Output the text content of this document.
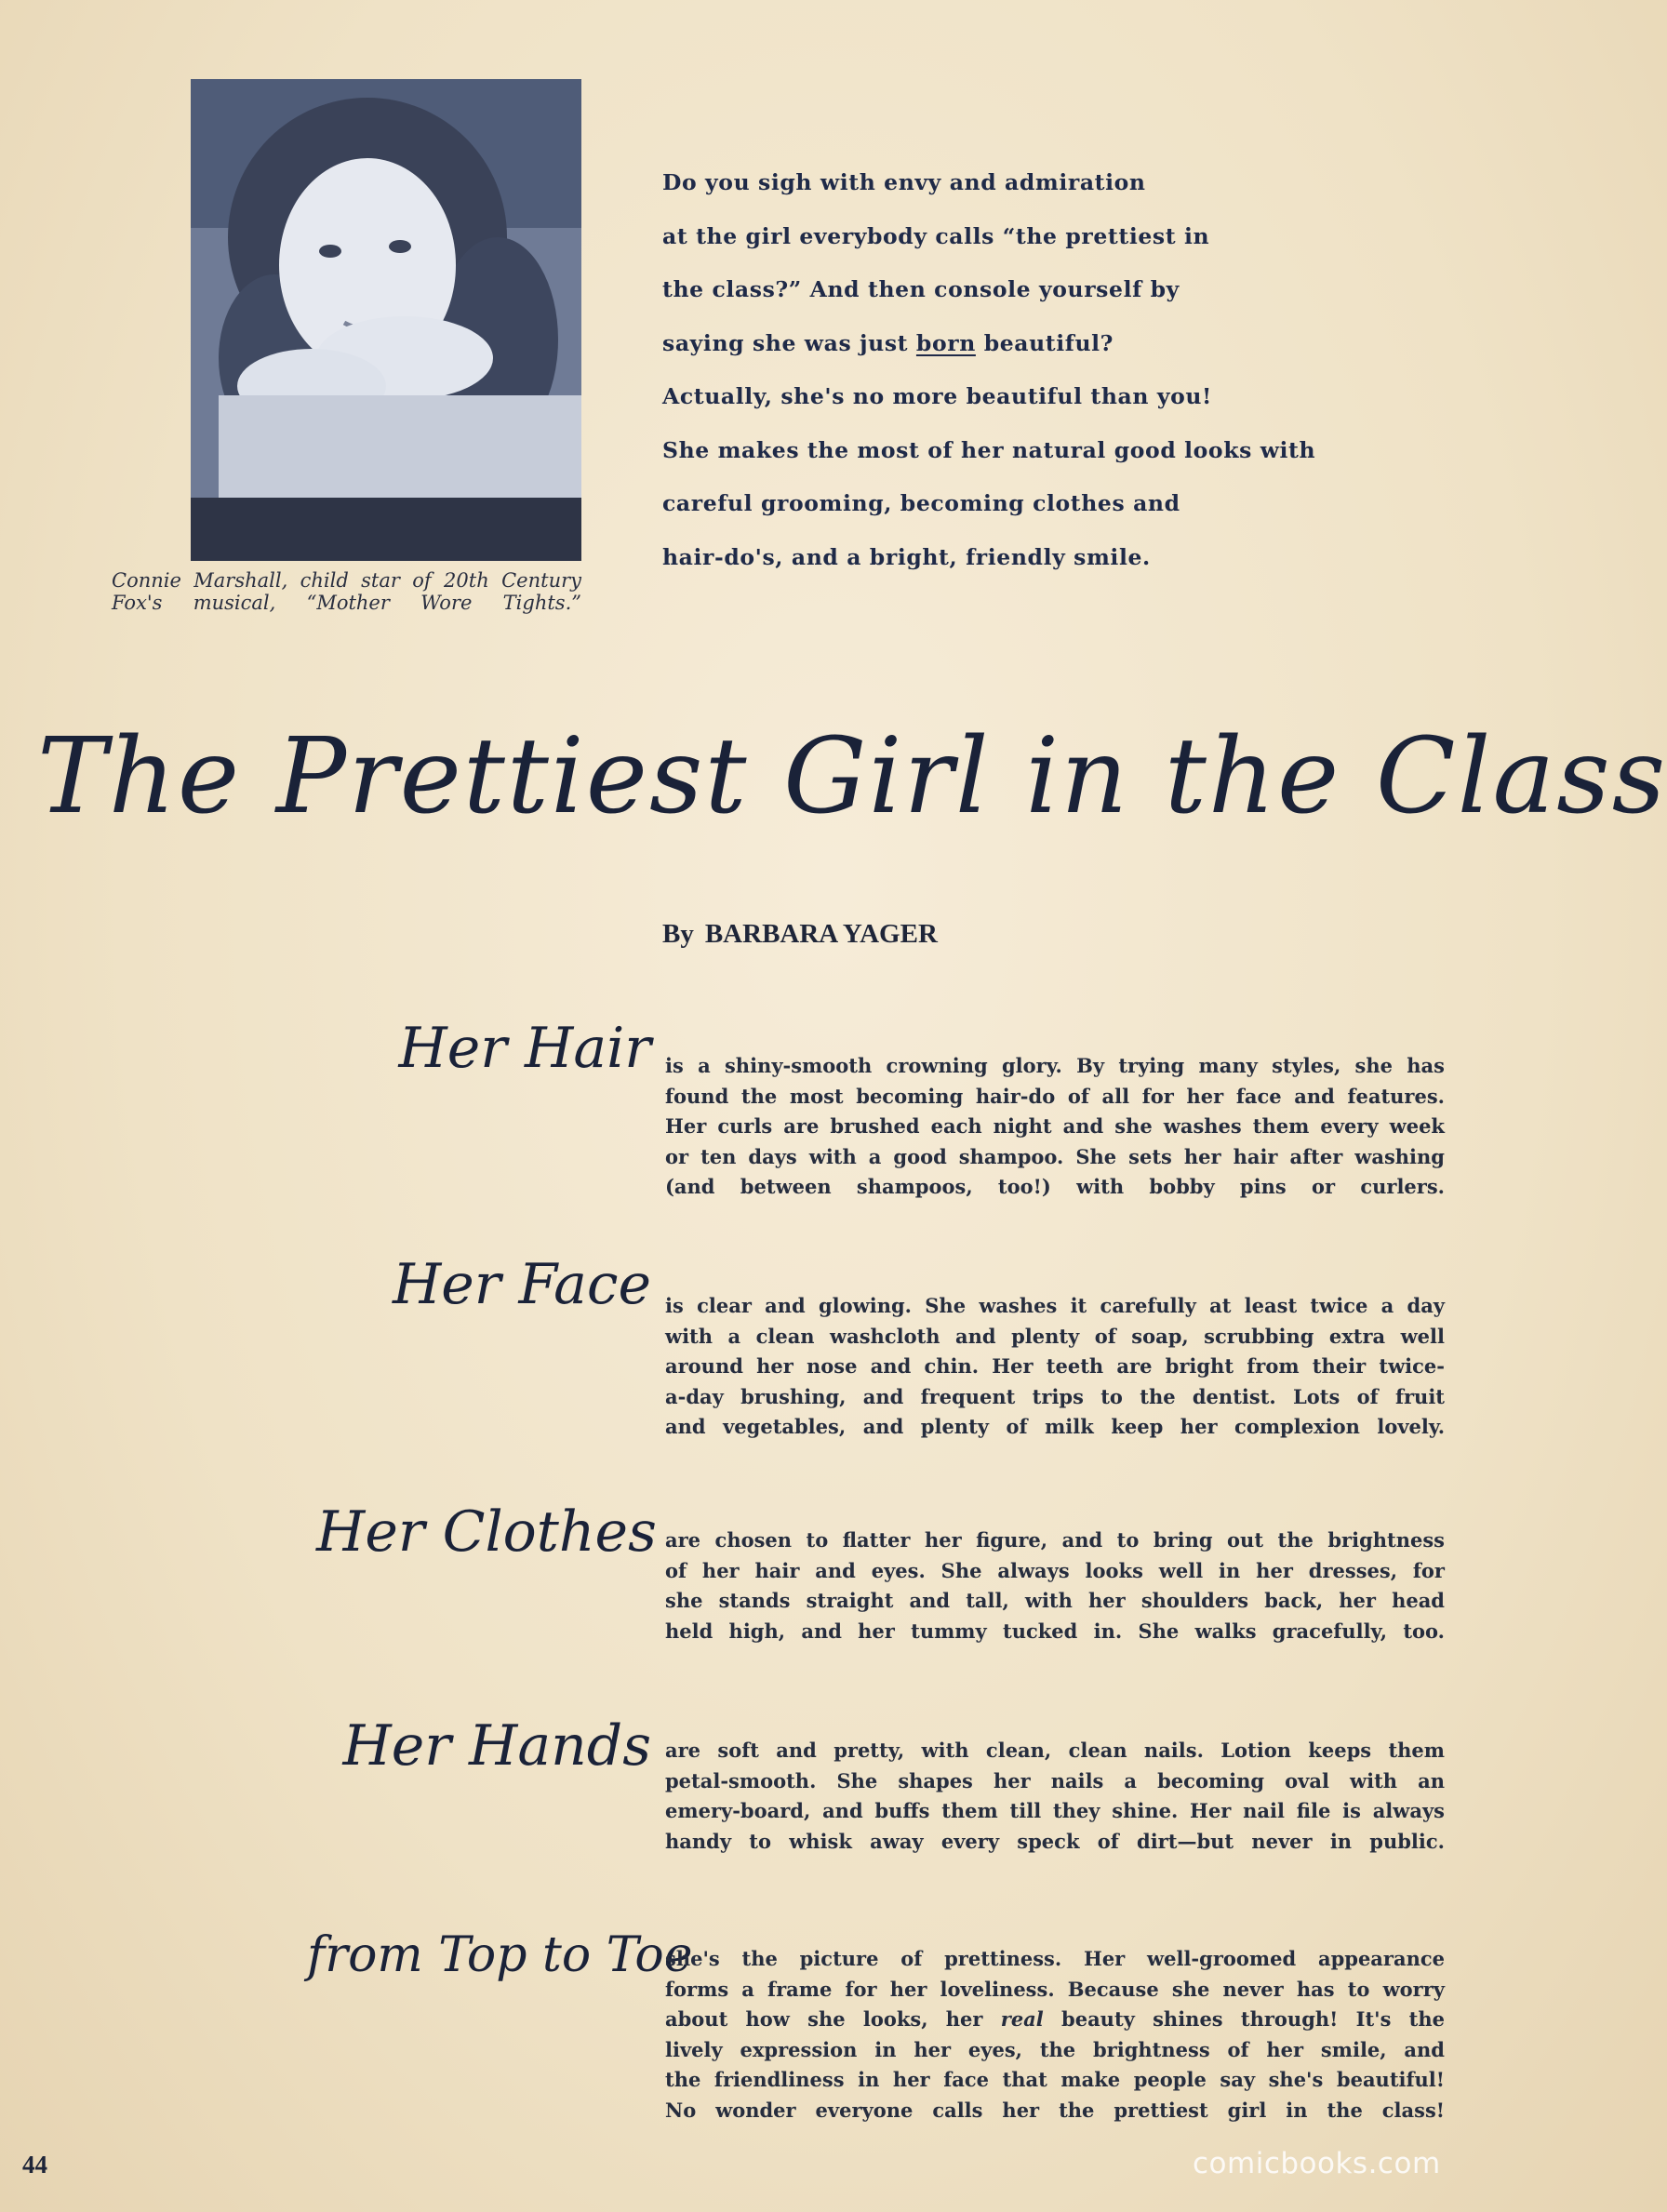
Connie Marshall, child star of 20th Century
Fox's musical, “Mother Wore Tights.”
Do you sigh with envy and admiration
at the girl everybody calls “the prettiest in
the class?” And then console yourself by
saying she was just born beautiful?
Actually, she's no more beautiful than you!
She makes the most of her natural good looks with
careful grooming, becoming clothes and
hair-do's, and a bright, friendly smile.
The Prettiest Girl in the Class
By BARBARA YAGER
Her Hair is a shiny-smooth crowning glory. By trying many styles, she has
found the most becoming hair-do of all for her face and features.
Her curls are brushed each night and she washes them every week
or ten days with a good shampoo. She sets her hair after washing
(and between shampoos, too!) with bobby pins or curlers.
Her Face is clear and glowing. She washes it carefully at least twice a day
with a clean washcloth and plenty of soap, scrubbing extra well
around her nose and chin. Her teeth are bright from their twice-
a-day brushing, and frequent trips to the dentist. Lots of fruit
and vegetables, and plenty of milk keep her complexion lovely.
Her Clothes are chosen to flatter her figure, and to bring out the brightness
of her hair and eyes. She always looks well in her dresses, for
she stands straight and tall, with her shoulders back, her head
held high, and her tummy tucked in. She walks gracefully, too.
Her Hands are soft and pretty, with clean, clean nails. Lotion keeps them
petal-smooth. She shapes her nails a becoming oval with an
emery-board, and buffs them till they shine. Her nail file is always
handy to whisk away every speck of dirt—but never in public.
from Top to Toe
she's the picture of prettiness. Her well-groomed appearance
forms a frame for her loveliness. Because she never has to worry
about how she looks, her real beauty shines through! It's the
lively expression in her eyes, the brightness of her smile, and
the friendliness in her face that make people say she's beautiful!
No wonder everyone calls her the prettiest girl in the class!
44	comicbooks.com
